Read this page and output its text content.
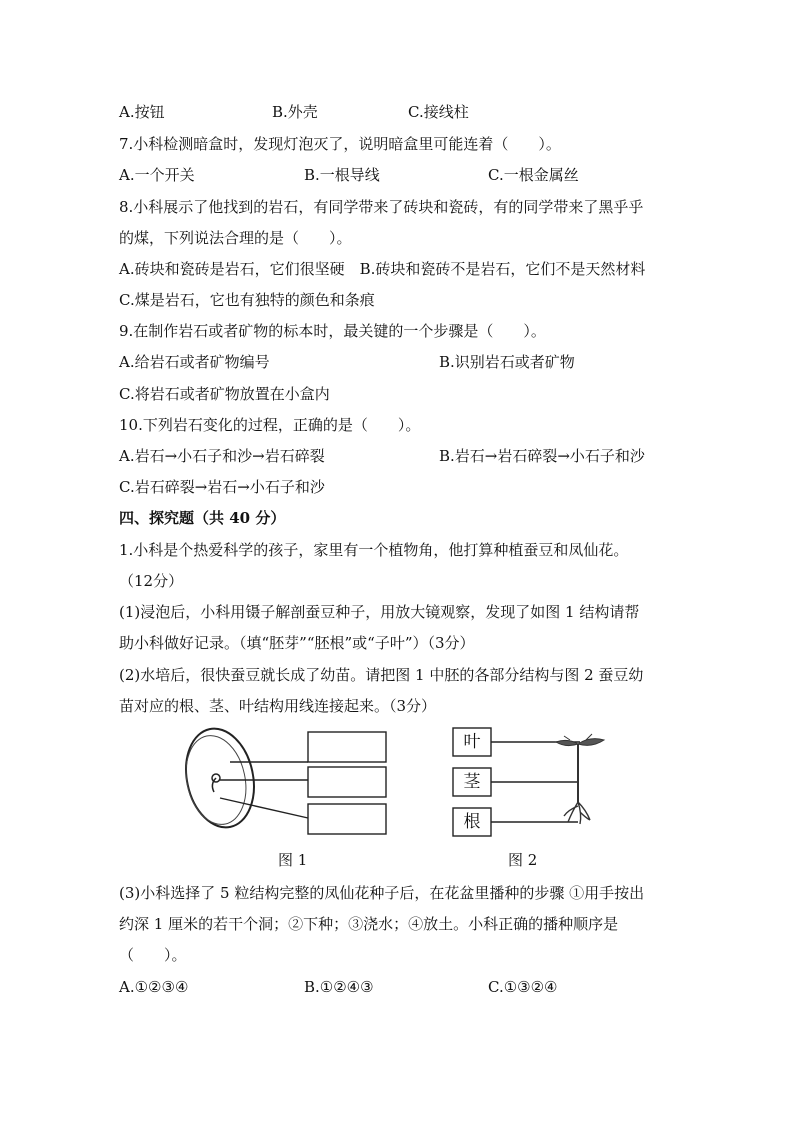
A.按钮	B.外壳	C.接线柱
7.小科检测暗盒时，发现灯泡灭了，说明暗盒里可能连着（　　）。
A.一个开关	B.一根导线	C.一根金属丝
8.小科展示了他找到的岩石，有同学带来了砖块和瓷砖，有的同学带来了黑乎乎
的煤，下列说法合理的是（　　）。
A.砖块和瓷砖是岩石，它们很坚硬　B.砖块和瓷砖不是岩石，它们不是天然材料
C.煤是岩石，它也有独特的颜色和条痕
9.在制作岩石或者矿物的标本时，最关键的一个步骤是（　　）。
A.给岩石或者矿物编号	B.识别岩石或者矿物
C.将岩石或者矿物放置在小盒内
10.下列岩石变化的过程，正确的是（　　）。
A.岩石→小石子和沙→岩石碎裂	B.岩石→岩石碎裂→小石子和沙
C.岩石碎裂→岩石→小石子和沙
四、探究题（共 40 分）
1.小科是个热爱科学的孩子，家里有一个植物角，他打算种植蚕豆和凤仙花。
（12分）
(1)浸泡后，小科用镊子解剖蚕豆种子，用放大镜观察，发现了如图 1 结构请帮
助小科做好记录。（填“胚芽”“胚根”或“子叶”）（3分）
(2)水培后，很快蚕豆就长成了幼苗。请把图 1 中胚的各部分结构与图 2 蚕豆幼
苗对应的根、茎、叶结构用线连接起来。（3分）
叶
茎
根
图 1	图 2
(3)小科选择了 5 粒结构完整的凤仙花种子后，在花盆里播种的步骤 ①用手按出
约深 1 厘米的若干个洞；②下种；③浇水；④放土。小科正确的播种顺序是
（　　）。
A.①②③④	B.①②④③	C.①③②④
